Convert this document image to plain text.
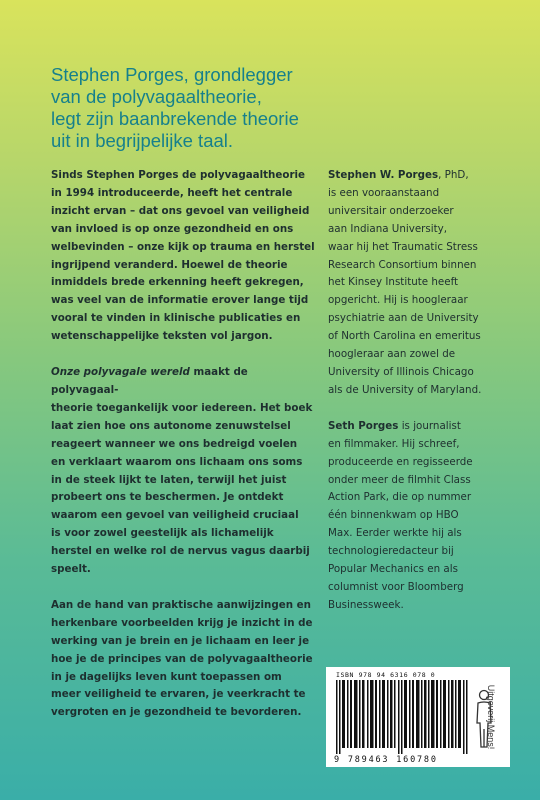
Stephen Porges, grondlegger
van de polyvagaaltheorie,
legt zijn baanbrekende theorie
uit in begrijpelijke taal.

Sinds Stephen Porges de polyvagaaltheorie
in 1994 introduceerde, heeft het centrale
inzicht ervan – dat ons gevoel van veiligheid
van invloed is op onze gezondheid en ons
welbevinden – onze kijk op trauma en herstel
ingrijpend veranderd. Hoewel de theorie
inmiddels brede erkenning heeft gekregen,
was veel van de informatie erover lange tijd
vooral te vinden in klinische publicaties en
wetenschappelijke teksten vol jargon.

Onze polyvagale wereld maakt de polyvagaal-
theorie toegankelijk voor iedereen. Het boek
laat zien hoe ons autonome zenuwstelsel
reageert wanneer we ons bedreigd voelen
en verklaart waarom ons lichaam ons soms
in de steek lijkt te laten, terwijl het juist
probeert ons te beschermen. Je ontdekt
waarom een gevoel van veiligheid cruciaal
is voor zowel geestelijk als lichamelijk
herstel en welke rol de nervus vagus daarbij
speelt.

Aan de hand van praktische aanwijzingen en
herkenbare voorbeelden krijg je inzicht in de
werking van je brein en je lichaam en leer je
hoe je de principes van de polyvagaaltheorie
in je dagelijks leven kunt toepassen om
meer veiligheid te ervaren, je veerkracht te
vergroten en je gezondheid te bevorderen.

Stephen W. Porges, PhD,
is een vooraanstaand
universitair onderzoeker
aan Indiana University,
waar hij het Traumatic Stress
Research Consortium binnen
het Kinsey Institute heeft
opgericht. Hij is hoogleraar
psychiatrie aan de University
of North Carolina en emeritus
hoogleraar aan zowel de
University of Illinois Chicago
als de University of Maryland.

Seth Porges is journalist
en filmmaker. Hij schreef,
produceerde en regisseerde
onder meer de filmhit Class
Action Park, die op nummer
één binnenkwam op HBO
Max. Eerder werkte hij als
technologieredacteur bij
Popular Mechanics en als
columnist voor Bloomberg
Businessweek.

ISBN 978 94 6316 078 0
9 789463 160780
Uitgeverij Mens!
